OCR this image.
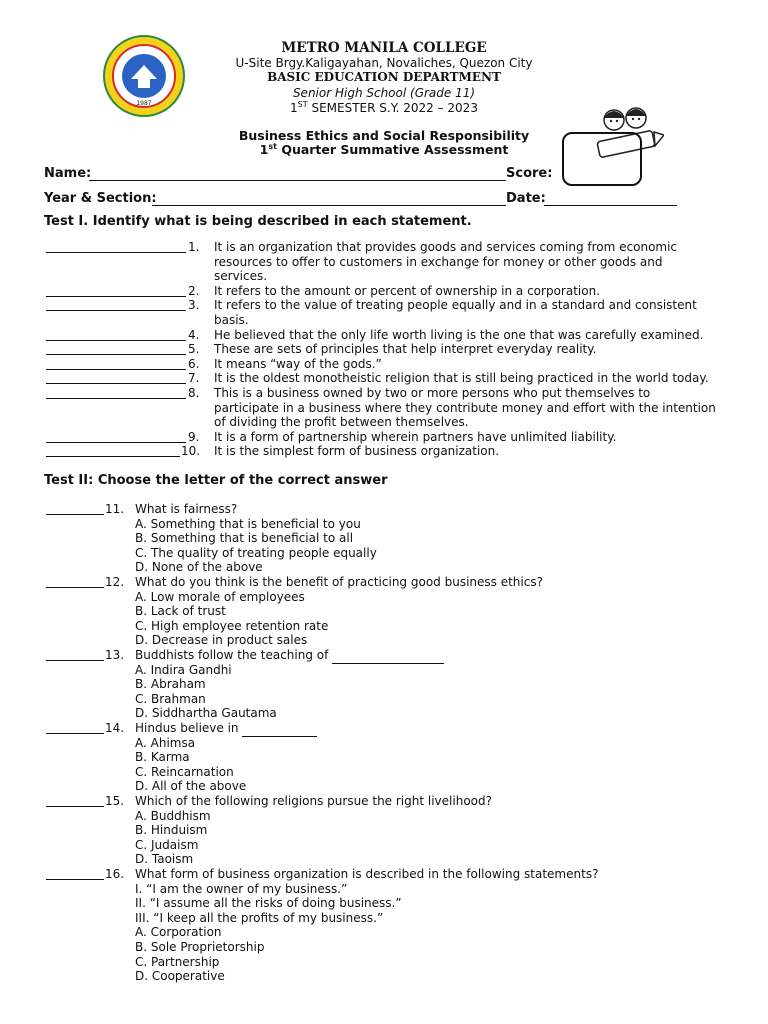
1987
METRO MANILA COLLEGE
U-Site Brgy.Kaligayahan, Novaliches, Quezon City
BASIC EDUCATION DEPARTMENT
Senior High School (Grade 11)
1ST SEMESTER S.Y. 2022 – 2023
Business Ethics and Social Responsibility
1st Quarter Summative Assessment
Name:	Score:
Year & Section:	Date:
Test I. Identify what is being described in each statement.
1. It is an organization that provides goods and services coming from economic
resources to offer to customers in exchange for money or other goods and
services.
2. It refers to the amount or percent of ownership in a corporation.
3. It refers to the value of treating people equally and in a standard and consistent
basis.
4. He believed that the only life worth living is the one that was carefully examined.
5. These are sets of principles that help interpret everyday reality.
6. It means “way of the gods.”
7. It is the oldest monotheistic religion that is still being practiced in the world today.
8. This is a business owned by two or more persons who put themselves to
participate in a business where they contribute money and effort with the intention
of dividing the profit between themselves.
9. It is a form of partnership wherein partners have unlimited liability.
10. It is the simplest form of business organization.
Test II: Choose the letter of the correct answer
11. What is fairness?
A. Something that is beneficial to you
B. Something that is beneficial to all
C. The quality of treating people equally
D. None of the above
12. What do you think is the benefit of practicing good business ethics?
A. Low morale of employees
B. Lack of trust
C. High employee retention rate
D. Decrease in product sales
13. Buddhists follow the teaching of
A. Indira Gandhi
B. Abraham
C. Brahman
D. Siddhartha Gautama
14. Hindus believe in
A. Ahimsa
B. Karma
C. Reincarnation
D. All of the above
15. Which of the following religions pursue the right livelihood?
A. Buddhism
B. Hinduism
C. Judaism
D. Taoism
16. What form of business organization is described in the following statements?
I. “I am the owner of my business.”
II. “I assume all the risks of doing business.”
III. “I keep all the profits of my business.”
A. Corporation
B. Sole Proprietorship
C. Partnership
D. Cooperative
